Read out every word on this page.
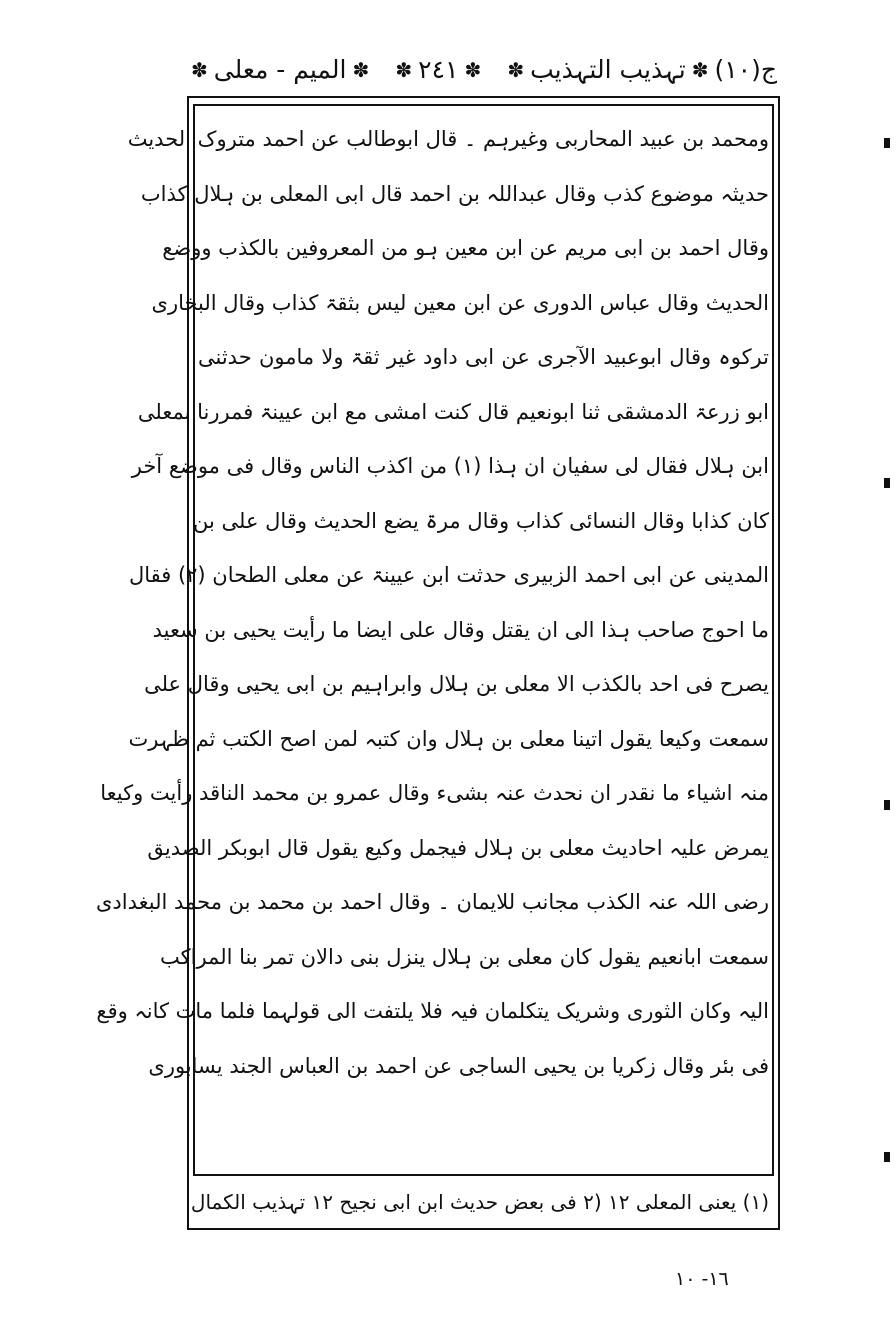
ج(١٠)
✽
تہذیب التہذیب
✽
✽
٢٤١
✽
✽
المیم - معلی
✽
ومحمد بن عبید المحاربی وغیرہم ۔ قال ابوطالب عن احمد متروک الحدیث
حدیثہ موضوع کذب وقال عبداللہ بن احمد قال ابی المعلی بن ہلال کذاب
وقال احمد بن ابی مریم عن ابن معین ہو من المعروفین بالکذب ووضع
الحدیث وقال عباس الدوری عن ابن معین لیس بثقۃ کذاب وقال البخاری
ترکوہ وقال ابوعبید الآجری عن ابی داود غیر ثقۃ ولا مامون حدثنی
ابو زرعۃ الدمشقی ثنا ابونعیم قال کنت امشی مع ابن عیینۃ فمررنا بمعلی
ابن ہلال فقال لی سفیان ان ہذا (١) من اکذب الناس وقال فی موضع آخر
کان کذابا وقال النسائی کذاب وقال مرۃ یضع الحدیث وقال علی بن
المدینی عن ابی احمد الزبیری حدثت ابن عیینۃ عن معلی الطحان (٢) فقال
ما احوج صاحب ہذا الی ان یقتل وقال علی ایضا ما رأیت یحیی بن سعید
یصرح فی احد بالکذب الا معلی بن ہلال وابراہیم بن ابی یحیی وقال علی
سمعت وکیعا یقول اتینا معلی بن ہلال وان کتبہ لمن اصح الکتب ثم ظہرت
منہ اشیاء ما نقدر ان نحدث عنہ بشیء وقال عمرو بن محمد الناقد رأیت وکیعا
یمرض علیہ احادیث معلی بن ہلال فیجمل وکیع یقول قال ابوبکر الصدیق
رضی اللہ عنہ الکذب مجانب للایمان ۔ وقال احمد بن محمد بن محمد البغدادی
سمعت ابانعیم یقول کان معلی بن ہلال ینزل بنی دالان تمر بنا المراکب
الیہ وکان الثوری وشریک یتکلمان فیہ فلا یلتفت الی قولہما فلما مات کانہ وقع
فی بئر وقال زکریا بن یحیی الساجی عن احمد بن العباس الجند یسابوری
(١) یعنی المعلی ١٢ (٢ فی بعض حدیث ابن ابی نجیح ١٢ تہذیب الکمال
١٦- ١٠
